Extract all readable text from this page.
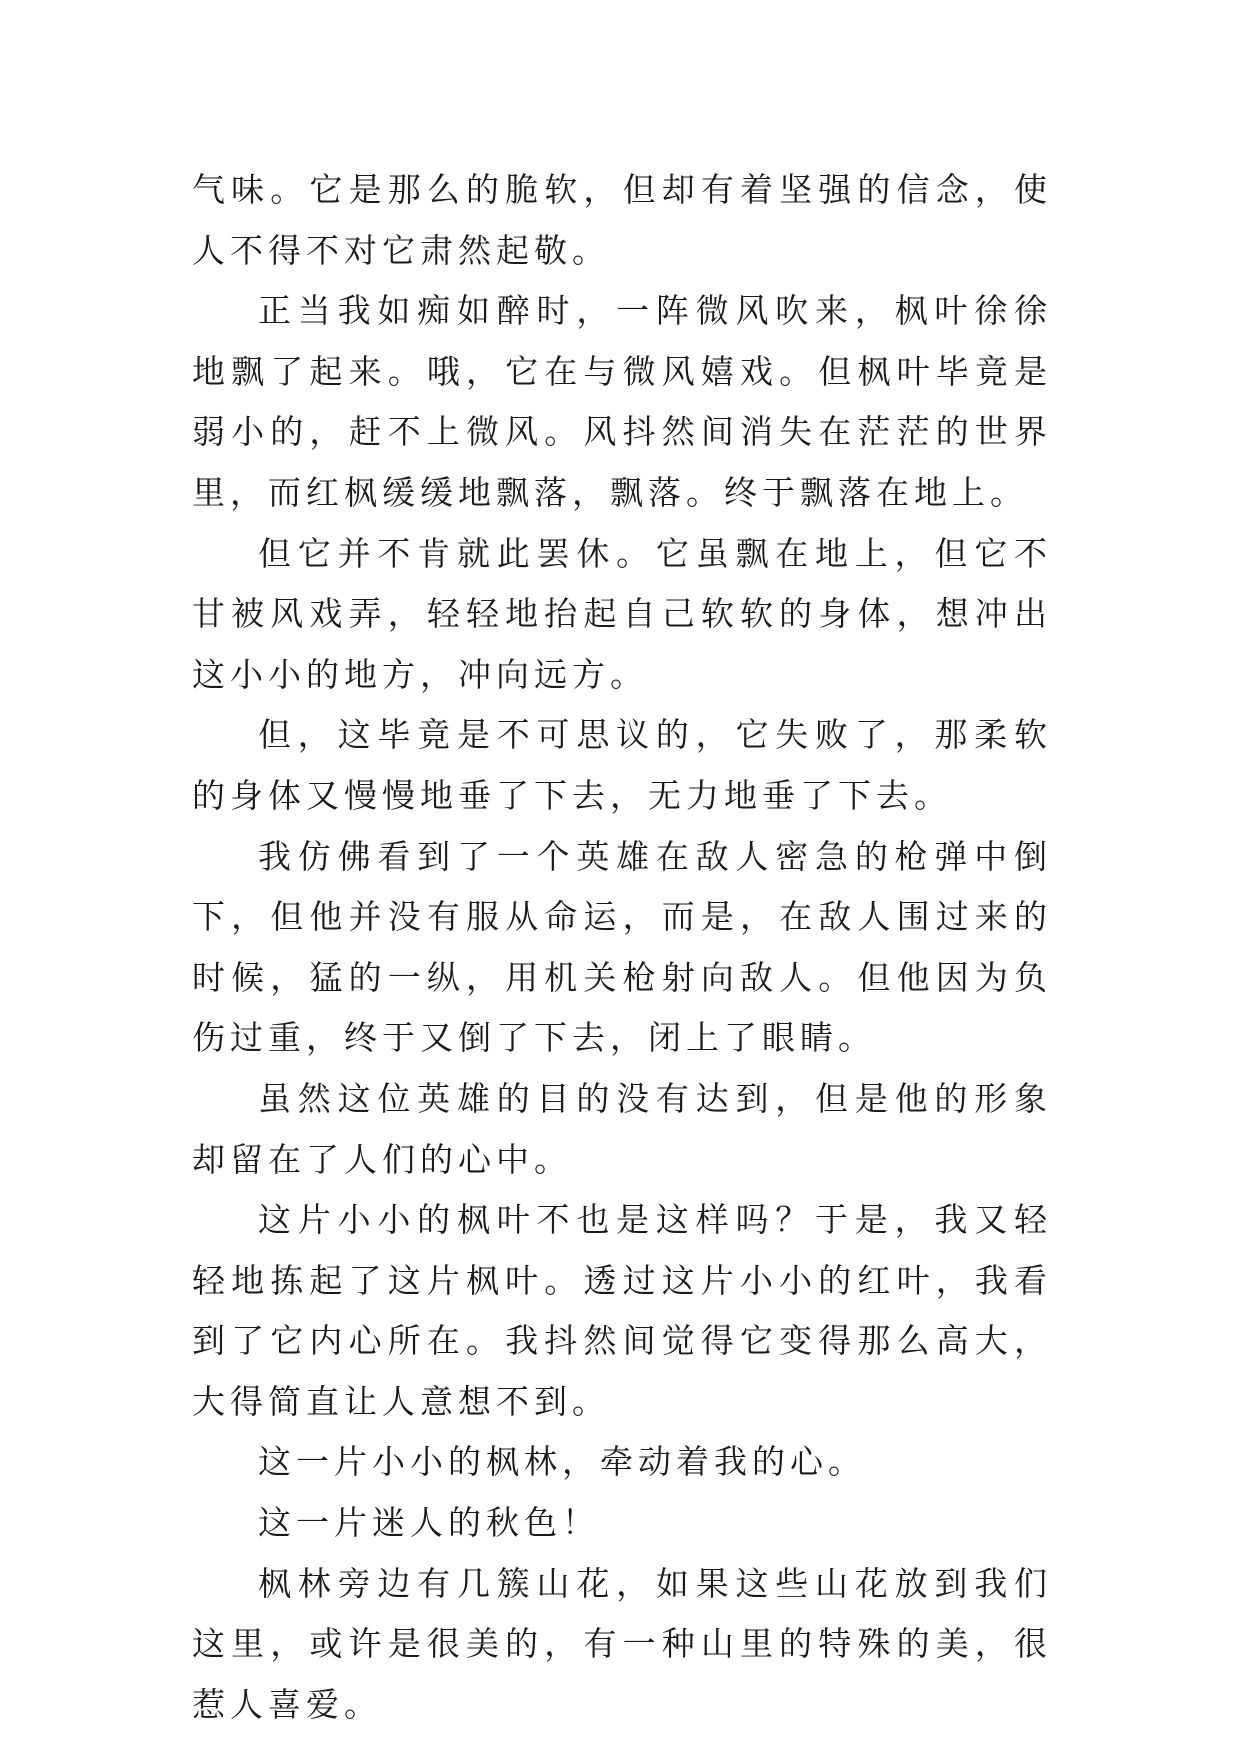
气味。它是那么的脆软，但却有着坚强的信念，使人不得不对它肃然起敬。

正当我如痴如醉时，一阵微风吹来，枫叶徐徐地飘了起来。哦，它在与微风嬉戏。但枫叶毕竟是弱小的，赶不上微风。风抖然间消失在茫茫的世界里，而红枫缓缓地飘落，飘落。终于飘落在地上。

但它并不肯就此罢休。它虽飘在地上，但它不甘被风戏弄，轻轻地抬起自己软软的身体，想冲出这小小的地方，冲向远方。

但，这毕竟是不可思议的，它失败了，那柔软的身体又慢慢地垂了下去，无力地垂了下去。

我仿佛看到了一个英雄在敌人密急的枪弹中倒下，但他并没有服从命运，而是，在敌人围过来的时候，猛的一纵，用机关枪射向敌人。但他因为负伤过重，终于又倒了下去，闭上了眼睛。

虽然这位英雄的目的没有达到，但是他的形象却留在了人们的心中。

这片小小的枫叶不也是这样吗？于是，我又轻轻地拣起了这片枫叶。透过这片小小的红叶，我看到了它内心所在。我抖然间觉得它变得那么高大，大得简直让人意想不到。

这一片小小的枫林，牵动着我的心。

这一片迷人的秋色！

枫林旁边有几簇山花，如果这些山花放到我们这里，或许是很美的，有一种山里的特殊的美，很惹人喜爱。
